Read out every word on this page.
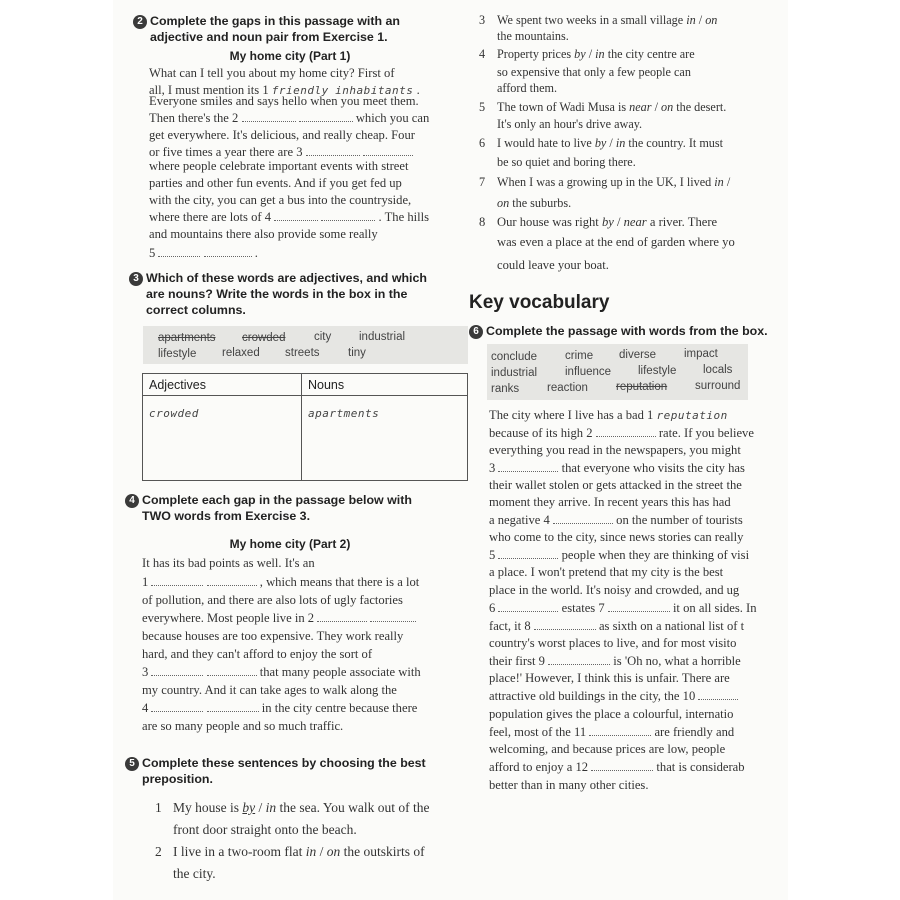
2 Complete the gaps in this passage with an
adjective and noun pair from Exercise 1.
My home city (Part 1)
What can I tell you about my home city? First of
all, I must mention its 1 friendly inhabitants .
Everyone smiles and says hello when you meet them.
Then there's the 2	which you can
get everywhere. It's delicious, and really cheap. Four
or five times a year there are 3
where people celebrate important events with street
parties and other fun events. And if you get fed up
with the city, you can get a bus into the countryside,
where there are lots of 4	. The hills
and mountains there also provide some really
5	.
3 Which of these words are adjectives, and which
are nouns? Write the words in the box in the
correct columns.
apartments crowded city industrial
lifestyle relaxed streets tiny
Adjectives	Nouns
crowded	apartments
4 Complete each gap in the passage below with
TWO words from Exercise 3.
My home city (Part 2)
It has its bad points as well. It's an
1	, which means that there is a lot
of pollution, and there are also lots of ugly factories
everywhere. Most people live in 2
because houses are too expensive. They work really
hard, and they can't afford to enjoy the sort of
3	that many people associate with
my country. And it can take ages to walk along the
4	in the city centre because there
are so many people and so much traffic.
5 Complete these sentences by choosing the best
preposition.
1 My house is by / in the sea. You walk out of the
front door straight onto the beach.
2 I live in a two-room flat in / on the outskirts of
the city.
3 We spent two weeks in a small village in / on
the mountains.
4 Property prices by / in the city centre are
so expensive that only a few people can
afford them.
5 The town of Wadi Musa is near / on the desert.
It's only an hour's drive away.
6 I would hate to live by / in the country. It must
be so quiet and boring there.
7 When I was a growing up in the UK, I lived in /
on the suburbs.
8 Our house was right by / near a river. There
was even a place at the end of garden where yo
could leave your boat.
Key vocabulary
6 Complete the passage with words from the box.
conclude crime diverse impact
industrial influence lifestyle locals
ranks reaction reputation surround
The city where I live has a bad 1 reputation
because of its high 2	rate. If you believe
everything you read in the newspapers, you might
3	that everyone who visits the city has
their wallet stolen or gets attacked in the street the
moment they arrive. In recent years this has had
a negative 4	on the number of tourists
who come to the city, since news stories can really
5	people when they are thinking of visi
a place. I won't pretend that my city is the best
place in the world. It's noisy and crowded, and ug
6	estates 7	it on all sides. In
fact, it 8	as sixth on a national list of t
country's worst places to live, and for most visito
their first 9	is 'Oh no, what a horrible
place!' However, I think this is unfair. There are
attractive old buildings in the city, the 10
population gives the place a colourful, internatio
feel, most of the 11	are friendly and
welcoming, and because prices are low, people
afford to enjoy a 12	that is considerab
better than in many other cities.
